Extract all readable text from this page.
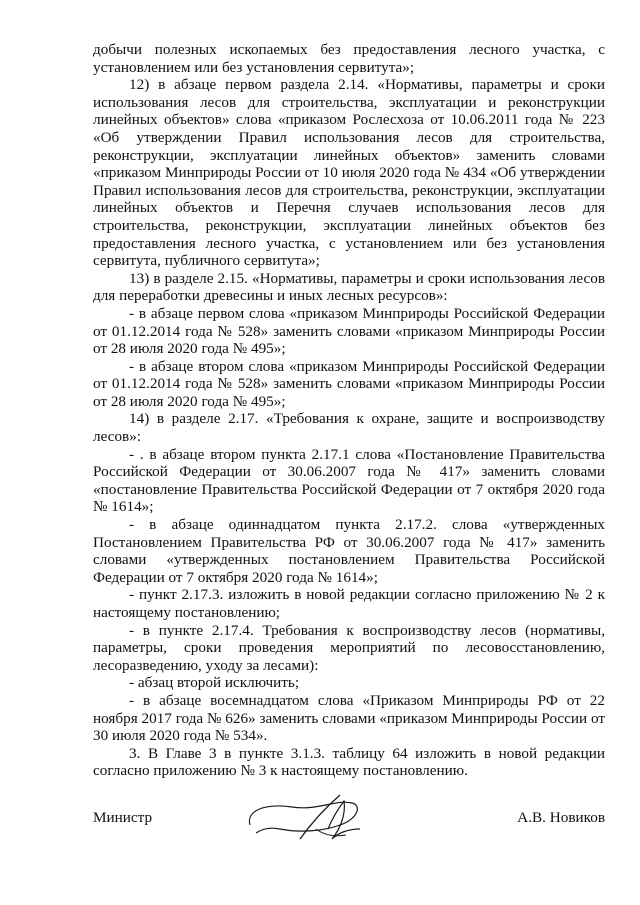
добычи полезных ископаемых без предоставления лесного участка, с установлением или без установления сервитута»;

12) в абзаце первом раздела 2.14. «Нормативы, параметры и сроки использования лесов для строительства, эксплуатации и реконструкции линейных объектов» слова «приказом Рослесхоза от 10.06.2011 года № 223 «Об утверждении Правил использования лесов для строительства, реконструкции, эксплуатации линейных объектов» заменить словами «приказом Минприроды России от 10 июля 2020 года № 434 «Об утверждении Правил использования лесов для строительства, реконструкции, эксплуатации линейных объектов и Перечня случаев использования лесов для строительства, реконструкции, эксплуатации линейных объектов без предоставления лесного участка, с установлением или без установления сервитута, публичного сервитута»;

13) в разделе 2.15. «Нормативы, параметры и сроки использования лесов для переработки древесины и иных лесных ресурсов»:

- в абзаце первом слова «приказом Минприроды Российской Федерации от 01.12.2014 года № 528» заменить словами «приказом Минприроды России от 28 июля 2020 года № 495»;

- в абзаце втором слова «приказом Минприроды Российской Федерации от 01.12.2014 года № 528» заменить словами «приказом Минприроды России от 28 июля 2020 года № 495»;

14) в разделе 2.17. «Требования к охране, защите и воспроизводству лесов»:

- . в абзаце втором пункта 2.17.1 слова «Постановление Правительства Российской Федерации от 30.06.2007 года № 417» заменить словами «постановление Правительства Российской Федерации от 7 октября 2020 года № 1614»;

- в абзаце одиннадцатом пункта 2.17.2. слова «утвержденных Постановлением Правительства РФ от 30.06.2007 года № 417» заменить словами «утвержденных постановлением Правительства Российской Федерации от 7 октября 2020 года № 1614»;

- пункт 2.17.3. изложить в новой редакции согласно приложению № 2 к настоящему постановлению;

- в пункте 2.17.4. Требования к воспроизводству лесов (нормативы, параметры, сроки проведения мероприятий по лесовосстановлению, лесоразведению, уходу за лесами):

- абзац второй исключить;

- в абзаце восемнадцатом слова «Приказом Минприроды РФ от 22 ноября 2017 года № 626» заменить словами «приказом Минприроды России от 30 июля 2020 года № 534».

3. В Главе 3 в пункте 3.1.3. таблицу 64 изложить в новой редакции согласно приложению № 3 к настоящему постановлению.

Министр	А.В. Новиков
